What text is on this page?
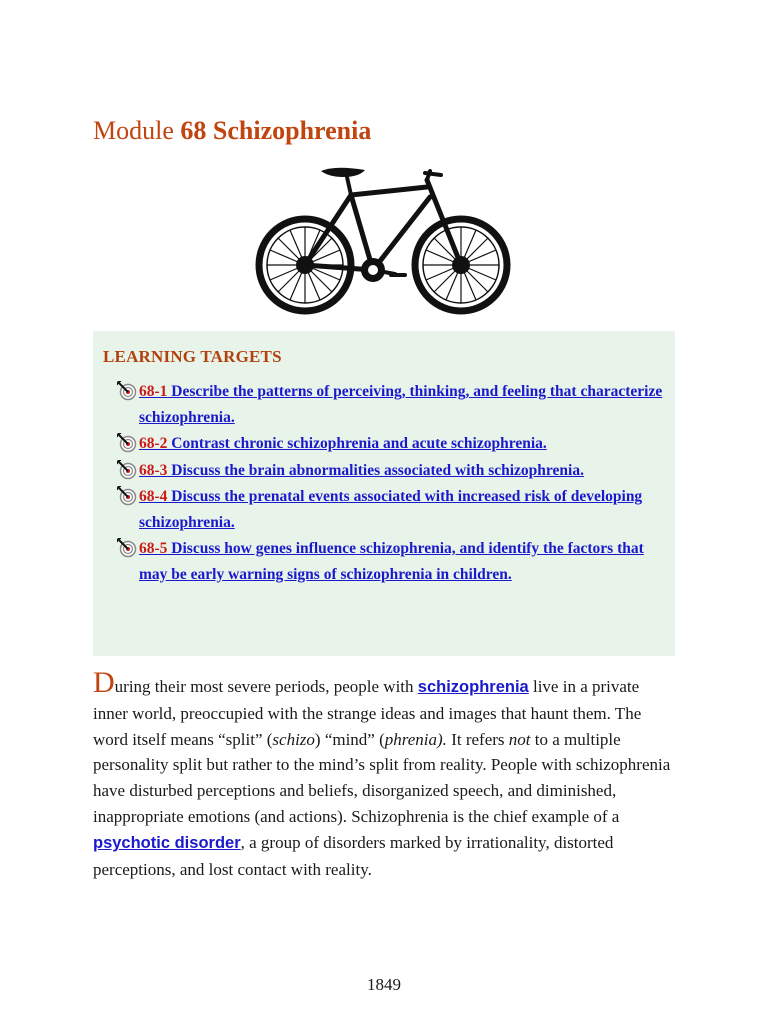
Module 68 Schizophrenia
LEARNING TARGETS
68-1 Describe the patterns of perceiving, thinking, and feeling that characterize schizophrenia.
68-2 Contrast chronic schizophrenia and acute schizophrenia.
68-3 Discuss the brain abnormalities associated with schizophrenia.
68-4 Discuss the prenatal events associated with increased risk of developing schizophrenia.
68-5 Discuss how genes influence schizophrenia, and identify the factors that may be early warning signs of schizophrenia in children.

During their most severe periods, people with schizophrenia live in a private inner world, preoccupied with the strange ideas and images that haunt them. The word itself means “split” (schizo) “mind” (phrenia). It refers not to a multiple personality split but rather to the mind’s split from reality. People with schizophrenia have disturbed perceptions and beliefs, disorganized speech, and diminished, inappropriate emotions (and actions). Schizophrenia is the chief example of a psychotic disorder, a group of disorders marked by irrationality, distorted perceptions, and lost contact with reality.

1849
